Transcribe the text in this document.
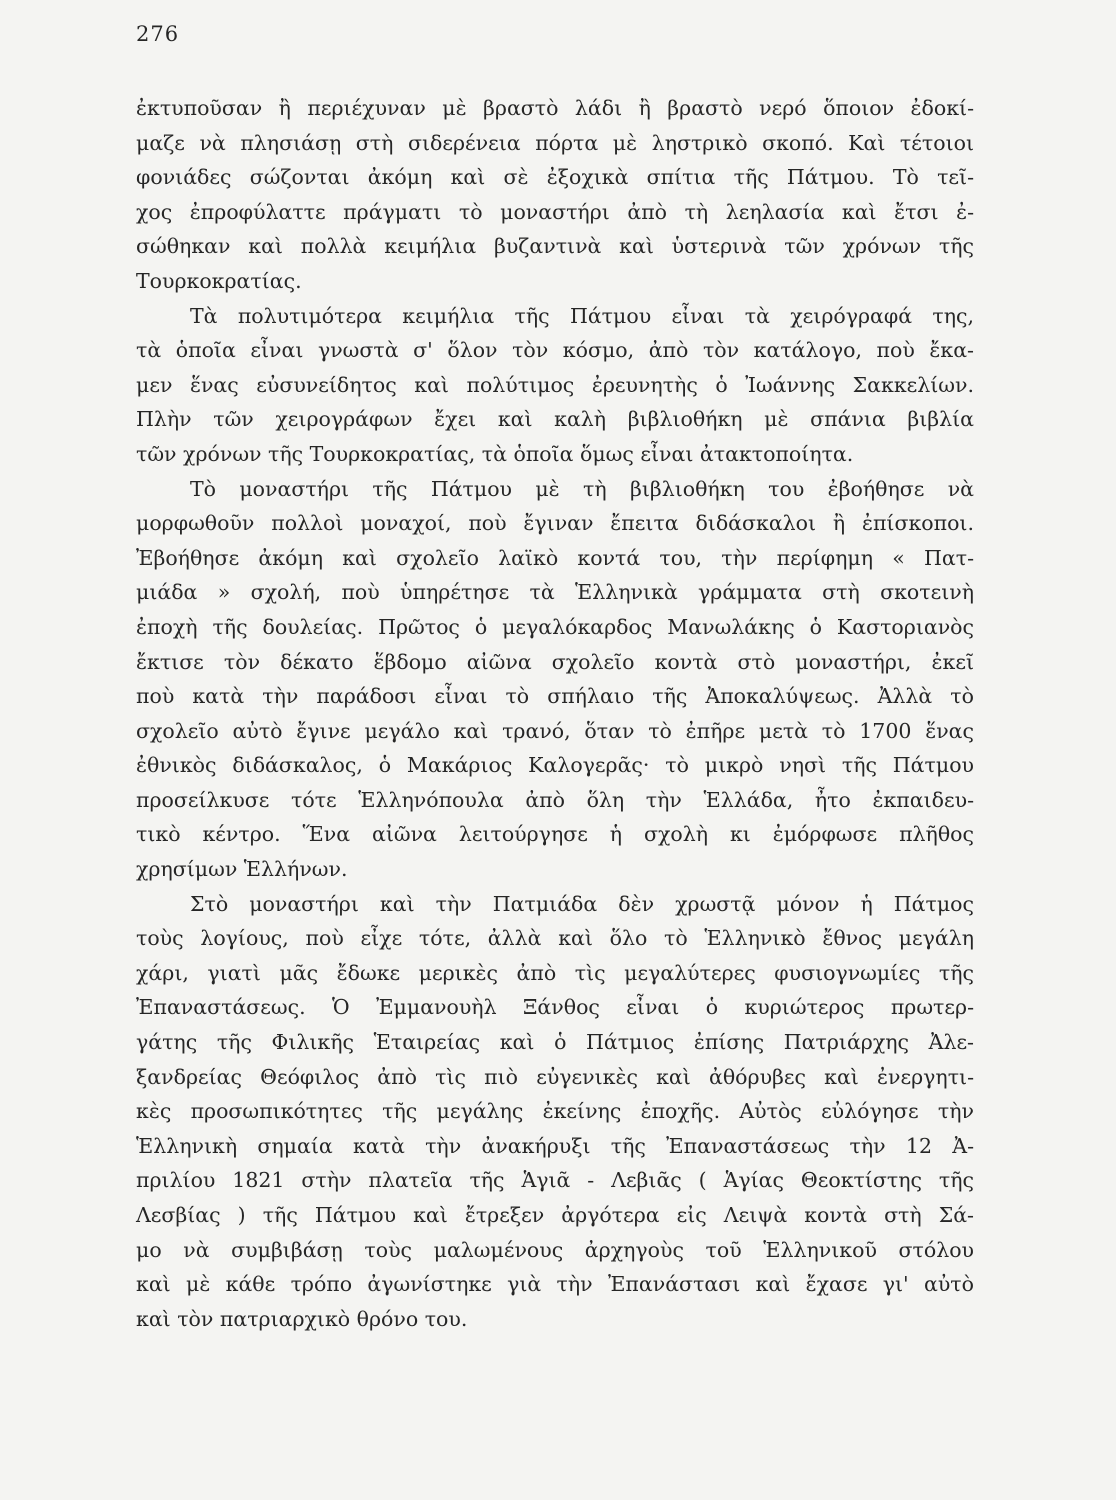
276
ἐκτυποῦσαν ἢ περιέχυναν μὲ βραστὸ λάδι ἢ βραστὸ νερό ὅποιον ἐδοκί-
μαζε νὰ πλησιάσῃ στὴ σιδερένεια πόρτα μὲ ληστρικὸ σκοπό. Καὶ τέτοιοι
φονιάδες σώζονται ἀκόμη καὶ σὲ ἐξοχικὰ σπίτια τῆς Πάτμου. Τὸ τεῖ-
χος ἐπροφύλαττε πράγματι τὸ μοναστήρι ἀπὸ τὴ λεηλασία καὶ ἔτσι ἐ-
σώθηκαν καὶ πολλὰ κειμήλια βυζαντινὰ καὶ ὑστερινὰ τῶν χρόνων τῆς
Τουρκοκρατίας.
Τὰ πολυτιμότερα κειμήλια τῆς Πάτμου εἶναι τὰ χειρόγραφά της,
τὰ ὁποῖα εἶναι γνωστὰ σ' ὅλον τὸν κόσμο, ἀπὸ τὸν κατάλογο, ποὺ ἔκα-
μεν ἕνας εὐσυνείδητος καὶ πολύτιμος ἐρευνητὴς ὁ Ἰωάννης Σακκελίων.
Πλὴν τῶν χειρογράφων ἔχει καὶ καλὴ βιβλιοθήκη μὲ σπάνια βιβλία
τῶν χρόνων τῆς Τουρκοκρατίας, τὰ ὁποῖα ὅμως εἶναι ἀτακτοποίητα.
Τὸ μοναστήρι τῆς Πάτμου μὲ τὴ βιβλιοθήκη του ἐβοήθησε νὰ
μορφωθοῦν πολλοὶ μοναχοί, ποὺ ἔγιναν ἔπειτα διδάσκαλοι ἢ ἐπίσκοποι.
Ἐβοήθησε ἀκόμη καὶ σχολεῖο λαϊκὸ κοντά του, τὴν περίφημη « Πατ-
μιάδα » σχολή, ποὺ ὑπηρέτησε τὰ Ἑλληνικὰ γράμματα στὴ σκοτεινὴ
ἐποχὴ τῆς δουλείας. Πρῶτος ὁ μεγαλόκαρδος Μανωλάκης ὁ Καστοριανὸς
ἔκτισε τὸν δέκατο ἕβδομο αἰῶνα σχολεῖο κοντὰ στὸ μοναστήρι, ἐκεῖ
ποὺ κατὰ τὴν παράδοσι εἶναι τὸ σπήλαιο τῆς Ἀποκαλύψεως. Ἀλλὰ τὸ
σχολεῖο αὐτὸ ἔγινε μεγάλο καὶ τρανό, ὅταν τὸ ἐπῆρε μετὰ τὸ 1700 ἕνας
ἐθνικὸς διδάσκαλος, ὁ Μακάριος Καλογερᾶς· τὸ μικρὸ νησὶ τῆς Πάτμου
προσείλκυσε τότε Ἑλληνόπουλα ἀπὸ ὅλη τὴν Ἑλλάδα, ἦτο ἐκπαιδευ-
τικὸ κέντρο. Ἕνα αἰῶνα λειτούργησε ἡ σχολὴ κι ἐμόρφωσε πλῆθος
χρησίμων Ἑλλήνων.
Στὸ μοναστήρι καὶ τὴν Πατμιάδα δὲν χρωστᾷ μόνον ἡ Πάτμος
τοὺς λογίους, ποὺ εἶχε τότε, ἀλλὰ καὶ ὅλο τὸ Ἑλληνικὸ ἔθνος μεγάλη
χάρι, γιατὶ μᾶς ἔδωκε μερικὲς ἀπὸ τὶς μεγαλύτερες φυσιογνωμίες τῆς
Ἐπαναστάσεως. Ὁ Ἐμμανουὴλ Ξάνθος εἶναι ὁ κυριώτερος πρωτερ-
γάτης τῆς Φιλικῆς Ἑταιρείας καὶ ὁ Πάτμιος ἐπίσης Πατριάρχης Ἀλε-
ξανδρείας Θεόφιλος ἀπὸ τὶς πιὸ εὐγενικὲς καὶ ἀθόρυβες καὶ ἐνεργητι-
κὲς προσωπικότητες τῆς μεγάλης ἐκείνης ἐποχῆς. Αὐτὸς εὐλόγησε τὴν
Ἑλληνικὴ σημαία κατὰ τὴν ἀνακήρυξι τῆς Ἐπαναστάσεως τὴν 12 Ἀ-
πριλίου 1821 στὴν πλατεῖα τῆς Ἁγιᾶ - Λεβιᾶς ( Ἁγίας Θεοκτίστης τῆς
Λεσβίας ) τῆς Πάτμου καὶ ἔτρεξεν ἀργότερα εἰς Λειψὰ κοντὰ στὴ Σά-
μο νὰ συμβιβάσῃ τοὺς μαλωμένους ἀρχηγοὺς τοῦ Ἑλληνικοῦ στόλου
καὶ μὲ κάθε τρόπο ἀγωνίστηκε γιὰ τὴν Ἐπανάστασι καὶ ἔχασε γι' αὐτὸ
καὶ τὸν πατριαρχικὸ θρόνο του.
